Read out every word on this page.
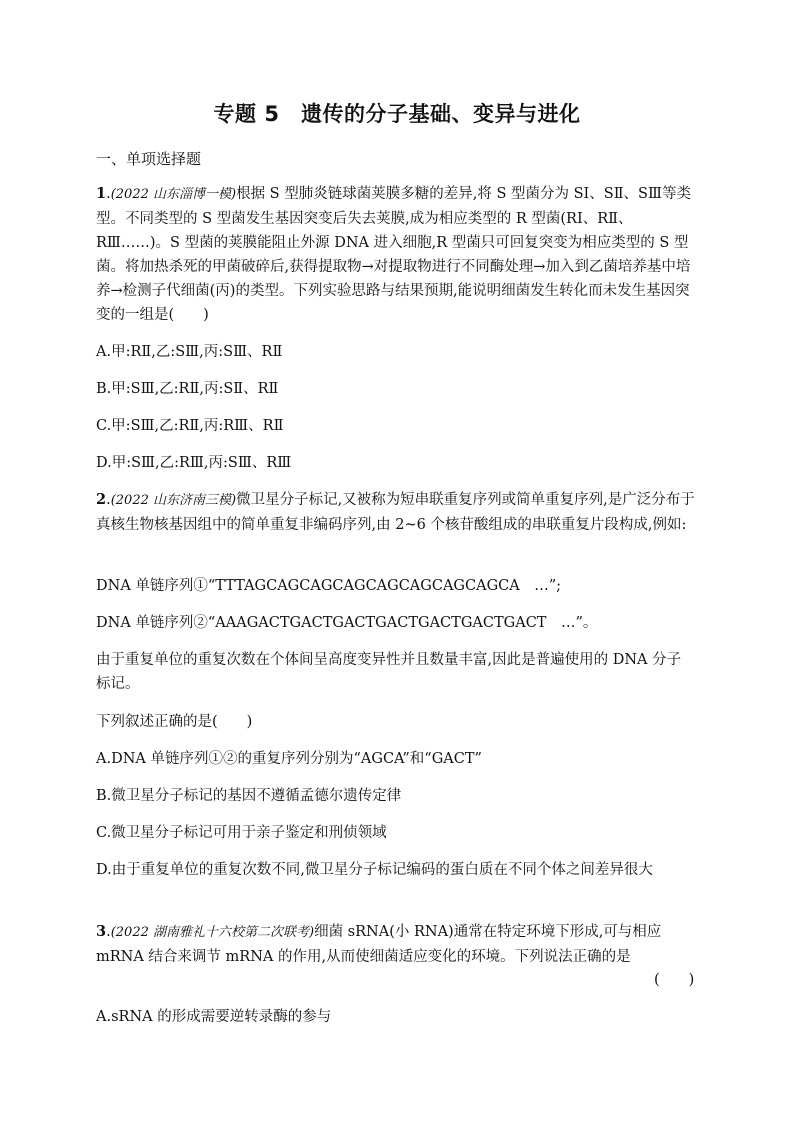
专题 5　遗传的分子基础、变异与进化
一、单项选择题
1.(2022 山东淄博一模)根据 S 型肺炎链球菌荚膜多糖的差异,将 S 型菌分为 SⅠ、SⅡ、SⅢ等类型。不同类型的 S 型菌发生基因突变后失去荚膜,成为相应类型的 R 型菌(RⅠ、RⅡ、RⅢ……)。S 型菌的荚膜能阻止外源 DNA 进入细胞,R 型菌只可回复突变为相应类型的 S 型菌。将加热杀死的甲菌破碎后,获得提取物→对提取物进行不同酶处理→加入到乙菌培养基中培养→检测子代细菌(丙)的类型。下列实验思路与结果预期,能说明细菌发生转化而未发生基因突变的一组是(　　)
A.甲:RⅡ,乙:SⅢ,丙:SⅢ、RⅡ
B.甲:SⅢ,乙:RⅡ,丙:SⅡ、RⅡ
C.甲:SⅢ,乙:RⅡ,丙:RⅢ、RⅡ
D.甲:SⅢ,乙:RⅢ,丙:SⅢ、RⅢ
2.(2022 山东济南三模)微卫星分子标记,又被称为短串联重复序列或简单重复序列,是广泛分布于真核生物核基因组中的简单重复非编码序列,由 2~6 个核苷酸组成的串联重复片段构成,例如:
DNA 单链序列①“TTTAGCAGCAGCAGCAGCAGCAGCAGCA　…”;
DNA 单链序列②“AAAGACTGACTGACTGACTGACTGACTGACT　…”。
由于重复单位的重复次数在个体间呈高度变异性并且数量丰富,因此是普遍使用的 DNA 分子标记。
下列叙述正确的是(　　)
A.DNA 单链序列①②的重复序列分别为“AGCA”和“GACT”
B.微卫星分子标记的基因不遵循孟德尔遗传定律
C.微卫星分子标记可用于亲子鉴定和刑侦领域
D.由于重复单位的重复次数不同,微卫星分子标记编码的蛋白质在不同个体之间差异很大
3.(2022 湖南雅礼十六校第二次联考)细菌 sRNA(小 RNA)通常在特定环境下形成,可与相应 mRNA 结合来调节 mRNA 的作用,从而使细菌适应变化的环境。下列说法正确的是
(　　)
A.sRNA 的形成需要逆转录酶的参与
